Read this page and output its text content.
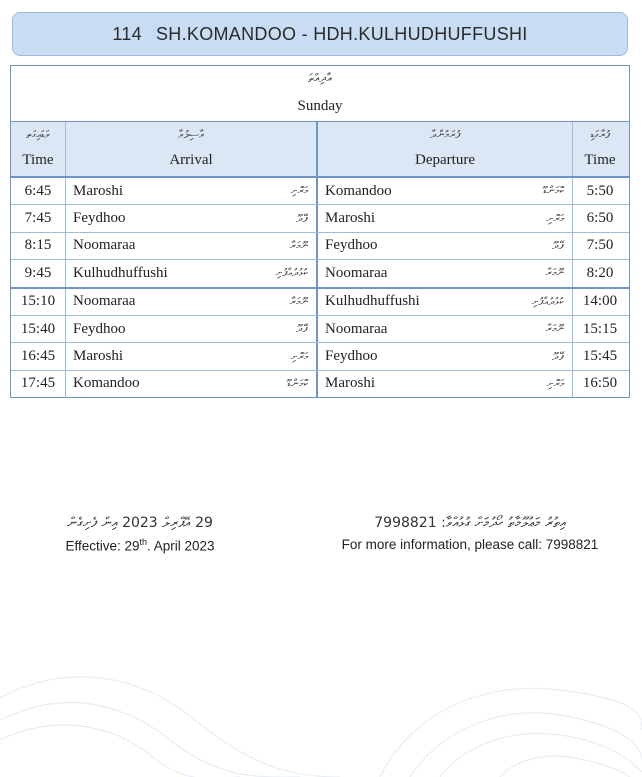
114 SH.KOMANDOO - HDH.KULHUDHUFFUSHI
އާދިއްތަ
Sunday
ވަޑައިގަތ
Time
ވާސިލުވާ
Arrival
ފުރަމުންދާ
Departure
ފުރާގަޑި
Time
6:45	Maroshi	މަރޮށި Komandoo	ކޮމަންޑޫ	5:50
7:45	Feydhoo	ފޭދޫ Maroshi	މަރޮށި	6:50
8:15	Noomaraa	ނޫމަރާ Feydhoo	ފޭދޫ	7:50
9:45	Kulhudhuffushi	ކުޅުދުއްފުށި Noomaraa	ނޫމަރާ	8:20
15:10	Noomaraa	ނޫމަރާ Kulhudhuffushi	ކުޅުދުއްފުށި	14:00
15:40	Feydhoo	ފޭދޫ Noomaraa	ނޫމަރާ	15:15
16:45	Maroshi	މަރޮށި Feydhoo	ފޭދޫ	15:45
17:45	Komandoo	ކޮމަންޑޫ Maroshi	މަރޮށި	16:50
29 އޭޕްރިލް 2023 އިން ފެށިގެން
Effective: 29th. April 2023
އިތުރު މަޢުލޫމާތު ހޯދުމަށް ގުޅުއްވާ: 7998821
For more information, please call: 7998821
